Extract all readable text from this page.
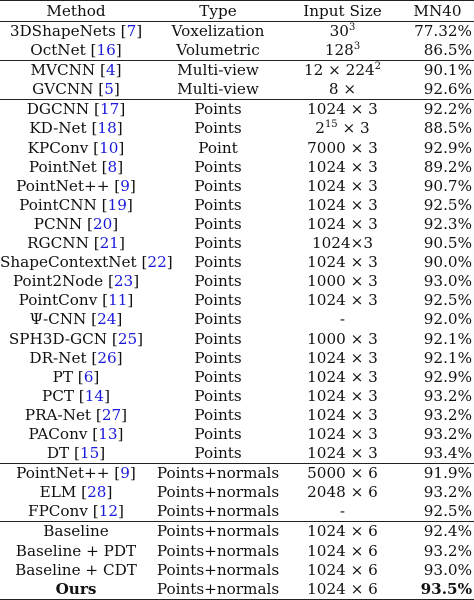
Method	Type	Input Size	MN40
3DShapeNets [7]	Voxelization	$30^3$	77.32%
OctNet [16]	Volumetric	$128^3$	86.5%
MVCNN [4]	Multi-view	$12 \times 224^2$	90.1%
GVCNN [5]	Multi-view	8 ×	92.6%
DGCNN [17]	Points	1024 × 3	92.2%
KD-Net [18]	Points	$2^{15} \times 3$	88.5%
KPConv [10]	Point	7000 × 3	92.9%
PointNet [8]	Points	1024 × 3	89.2%
PointNet++ [9]	Points	1024 × 3	90.7%
PointCNN [19]	Points	1024 × 3	92.5%
PCNN [20]	Points	1024 × 3	92.3%
RGCNN [21]	Points	1024×3	90.5%
ShapeContextNet [22]	Points	1024 × 3	90.0%
Point2Node [23]	Points	1000 × 3	93.0%
PointConv [11]	Points	1024 × 3	92.5%
Ψ-CNN [24]	Points	-	92.0%
SPH3D-GCN [25]	Points	1000 × 3	92.1%
DR-Net [26]	Points	1024 × 3	92.1%
PT [6]	Points	1024 × 3	92.9%
PCT [14]	Points	1024 × 3	93.2%
PRA-Net [27]	Points	1024 × 3	93.2%
PAConv [13]	Points	1024 × 3	93.2%
DT [15]	Points	1024 × 3	93.4%
PointNet++ [9]	Points+normals	5000 × 6	91.9%
ELM [28]	Points+normals	2048 × 6	93.2%
FPConv [12]	Points+normals	-	92.5%
Baseline	Points+normals	1024 × 6	92.4%
Baseline + PDT	Points+normals	1024 × 6	93.2%
Baseline + CDT	Points+normals	1024 × 6	93.0%
Ours	Points+normals	1024 × 6	93.5%
